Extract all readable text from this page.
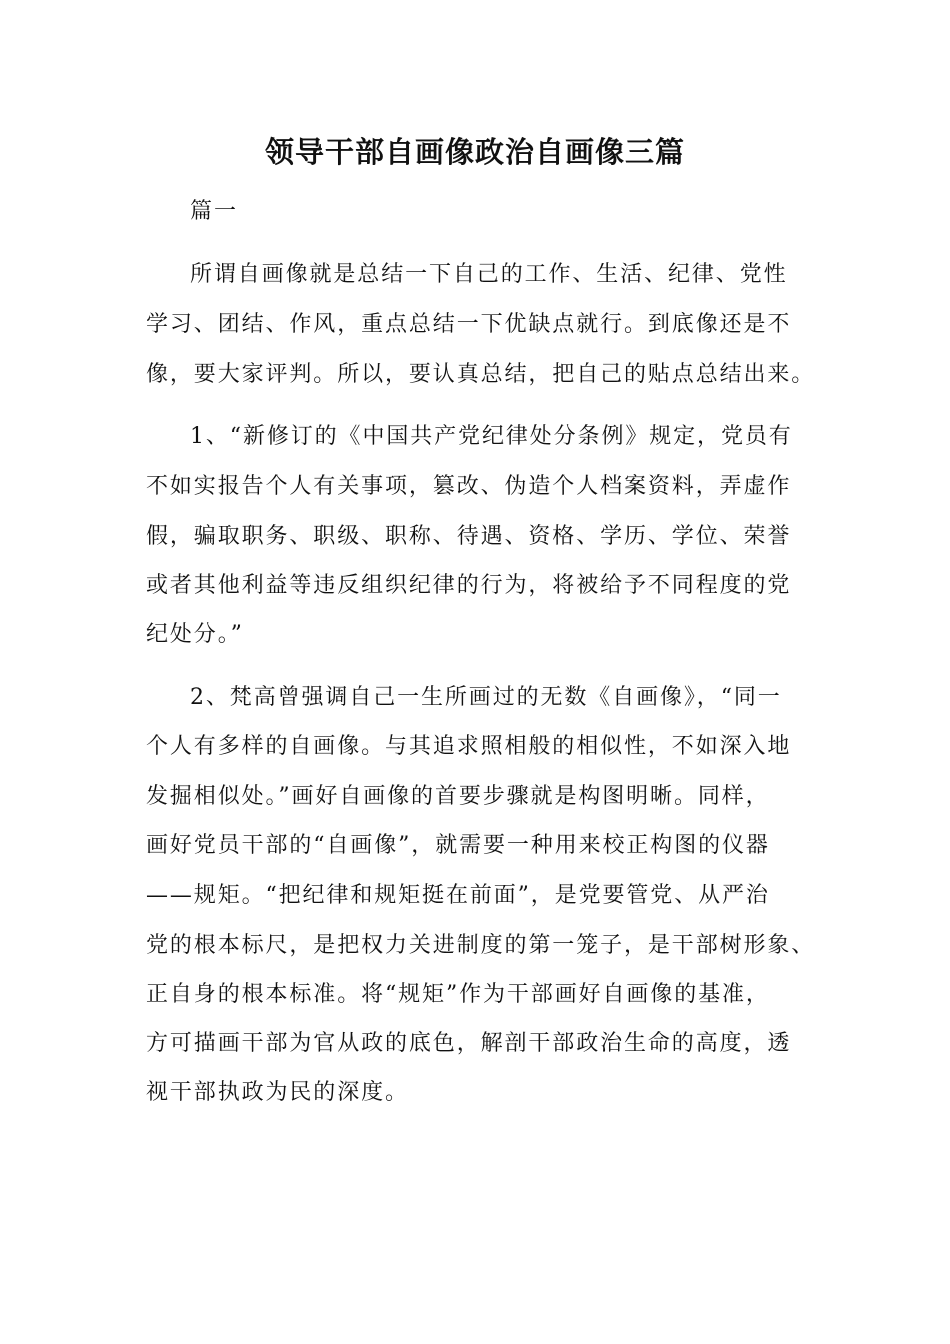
领导干部自画像政治自画像三篇
篇一
所谓自画像就是总结一下自己的工作、生活、纪律、党性
学习、团结、作风，重点总结一下优缺点就行。到底像还是不
像，要大家评判。所以，要认真总结，把自己的贴点总结出来。
1、“新修订的《中国共产党纪律处分条例》规定，党员有
不如实报告个人有关事项，篡改、伪造个人档案资料，弄虚作
假，骗取职务、职级、职称、待遇、资格、学历、学位、荣誉
或者其他利益等违反组织纪律的行为，将被给予不同程度的党
纪处分。”
2、梵高曾强调自己一生所画过的无数《自画像》，“同一
个人有多样的自画像。与其追求照相般的相似性，不如深入地
发掘相似处。”画好自画像的首要步骤就是构图明晰。同样，
画好党员干部的“自画像”，就需要一种用来校正构图的仪器
——规矩。“把纪律和规矩挺在前面”，是党要管党、从严治
党的根本标尺，是把权力关进制度的第一笼子，是干部树形象、
正自身的根本标准。将“规矩”作为干部画好自画像的基准，
方可描画干部为官从政的底色，解剖干部政治生命的高度，透
视干部执政为民的深度。
